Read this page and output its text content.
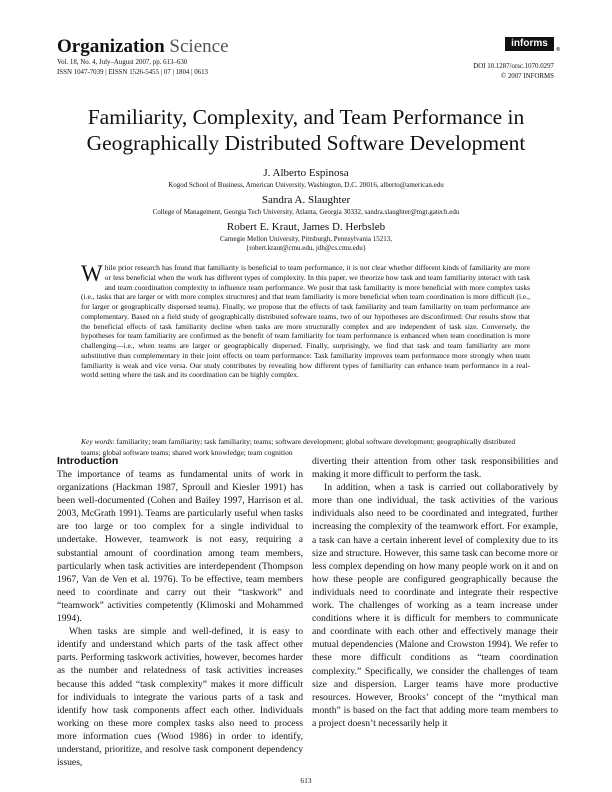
Organization Science
Vol. 18, No. 4, July–August 2007, pp. 613–630
ISSN 1047-7039 | EISSN 1526-5455 | 07 | 1804 | 0613
informs
®
DOI 10.1287/orsc.1070.0297
© 2007 INFORMS
Familiarity, Complexity, and Team Performance in
Geographically Distributed Software Development
J. Alberto Espinosa
Kogod School of Business, American University, Washington, D.C. 20016, alberto@american.edu
Sandra A. Slaughter
College of Management, Georgia Tech University, Atlanta, Georgia 30332, sandra.slaughter@mgt.gatech.edu
Robert E. Kraut, James D. Herbsleb
Carnegie Mellon University, Pittsburgh, Pennsylvania 15213,
{robert.kraut@cmu.edu, jdh@cs.cmu.edu}
While prior research has found that familiarity is beneficial to team performance, it is not clear whether different kinds of familiarity are more or less beneficial when the work has different types of complexity. In this paper, we theorize how task and team familiarity interact with task and team coordination complexity to influence team performance. We posit that task familiarity is more beneficial with more complex tasks (i.e., tasks that are larger or with more complex structures) and that team familiarity is more beneficial when team coordination is more difficult (i.e., for larger or geographically dispersed teams). Finally, we propose that the effects of task familiarity and team familiarity on team performance are complementary. Based on a field study of geographically distributed software teams, two of our hypotheses are disconfirmed: Our results show that the beneficial effects of task familiarity decline when tasks are more structurally complex and are independent of task size. Conversely, the hypotheses for team familiarity are confirmed as the benefit of team familiarity for team performance is enhanced when team coordination is more challenging—i.e., when teams are larger or geographically dispersed. Finally, surprisingly, we find that task and team familiarity are more substitutive than complementary in their joint effects on team performance: Task familiarity improves team performance more strongly when team familiarity is weak and vice versa. Our study contributes by revealing how different types of familiarity can enhance team performance in a real-world setting where the task and its coordination can be highly complex.
Key words: familiarity; team familiarity; task familiarity; teams; software development; global software development; geographically distributed teams; global software teams; shared work knowledge; team cognition
Introduction

The importance of teams as fundamental units of work in organizations (Hackman 1987, Sproull and Kiesler 1991) has been well-documented (Cohen and Bailey 1997, Harrison et al. 2003, McGrath 1991). Teams are particularly useful when tasks are too large or too complex for a single individual to undertake. However, teamwork is not easy, requiring a substantial amount of coordination among team members, particularly when task activities are interdependent (Thompson 1967, Van de Ven et al. 1976). To be effective, team members need to coordinate and carry out their “taskwork” and “teamwork” activities competently (Klimoski and Mohammed 1994).

When tasks are simple and well-defined, it is easy to identify and understand which parts of the task affect other parts. Performing taskwork activities, however, becomes harder as the number and relatedness of task activities increases because this added “task complexity” makes it more difficult for individuals to integrate the various parts of a task and identify how task components affect each other. Individuals working on these more complex tasks also need to process more information cues (Wood 1986) in order to identify, understand, prioritize, and resolve task component dependency issues,

diverting their attention from other task responsibilities and making it more difficult to perform the task.

In addition, when a task is carried out collaboratively by more than one individual, the task activities of the various individuals also need to be coordinated and integrated, further increasing the complexity of the teamwork effort. For example, a task can have a certain inherent level of complexity due to its size and structure. However, this same task can become more or less complex depending on how many people work on it and on how these people are configured geographically because the individuals need to coordinate and integrate their respective work. The challenges of working as a team increase under conditions where it is difficult for members to communicate and coordinate with each other and effectively manage their mutual dependencies (Malone and Crowston 1994). We refer to these more difficult conditions as “team coordination complexity.” Specifically, we consider the challenges of team size and dispersion. Larger teams have more productive resources. However, Brooks’ concept of the “mythical man month” is based on the fact that adding more team members to a project doesn’t necessarily help it

613
